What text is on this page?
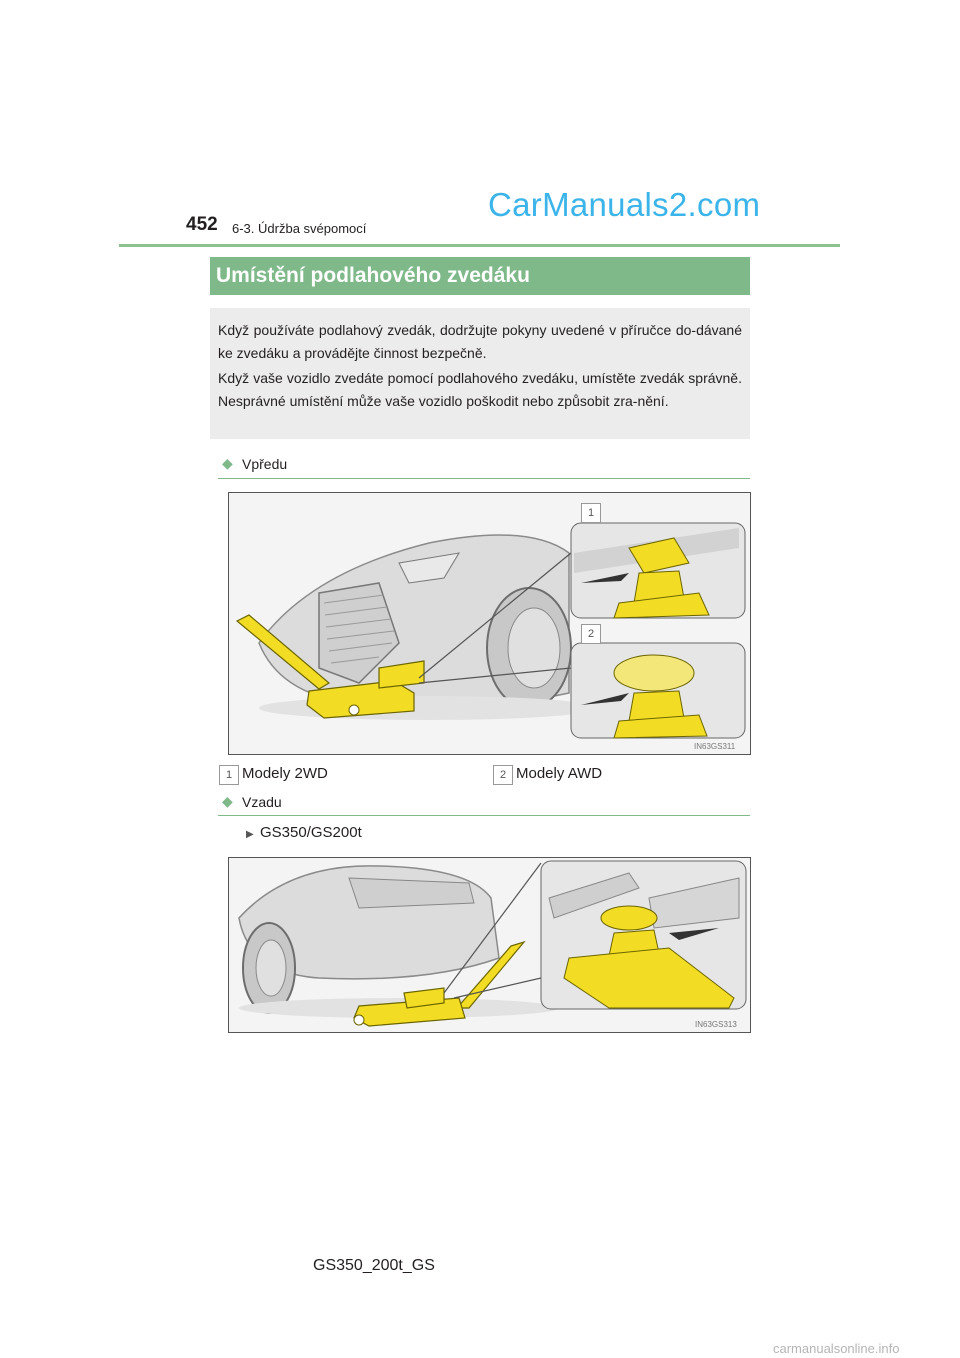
452 6-3. Údržba svépomocí
CarManuals2.com
Umístění podlahového zvedáku
Když používáte podlahový zvedák, dodržujte pokyny uvedené v příručce do-dávané ke zvedáku a provádějte činnost bezpečně.
Když vaše vozidlo zvedáte pomocí podlahového zvedáku, umístěte zvedák správně. Nesprávné umístění může vaše vozidlo poškodit nebo způsobit zra-nění.
◆ Vpředu
1
2
IN63GS311
1 Modely 2WD	2 Modely AWD
◆ Vzadu
▶ GS350/GS200t
IN63GS313
GS350_200t_GS
carmanualsonline.info
